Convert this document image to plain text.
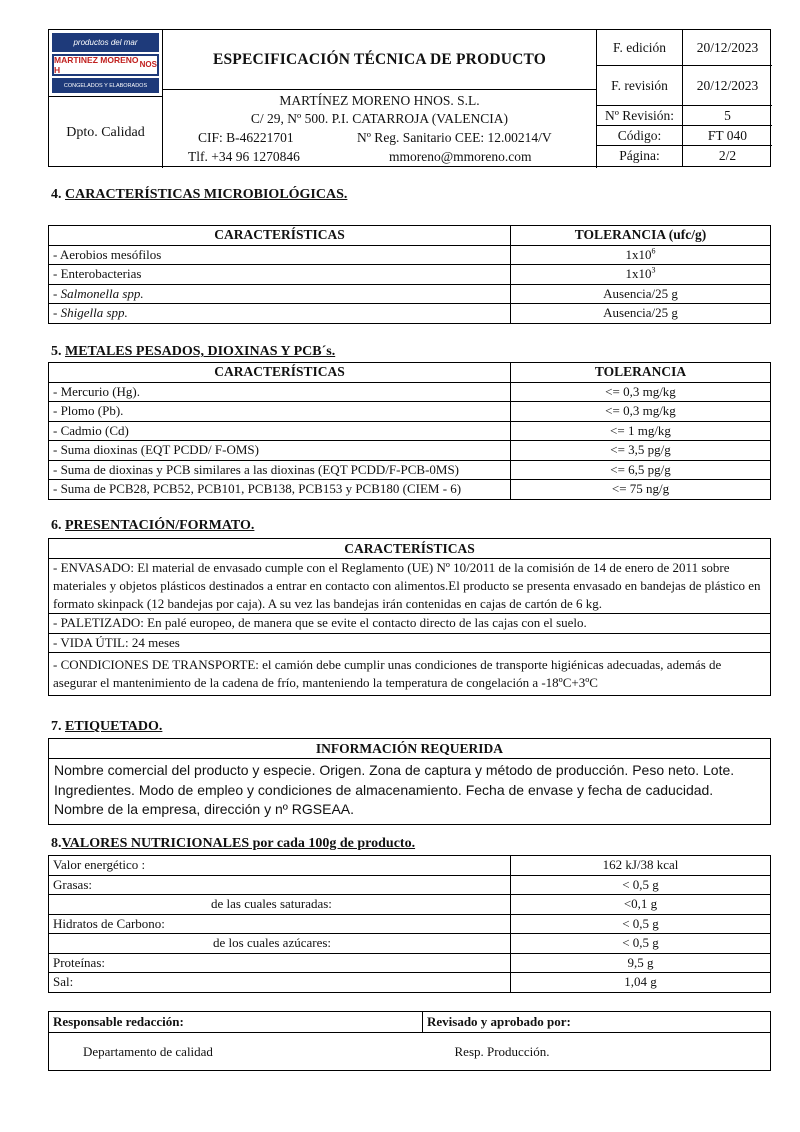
productos del mar
MARTINEZ MORENO H
NOS
CONGELADOS Y ELABORADOS
Dpto. Calidad
ESPECIFICACIÓN TÉCNICA DE PRODUCTO
MARTÍNEZ MORENO HNOS. S.L.
C/ 29, Nº 500. P.I. CATARROJA (VALENCIA)
CIF: B-46221701	Nº Reg. Sanitario CEE: 12.00214/V
Tlf. +34 96 1270846	mmoreno@mmoreno.com
F. edición	20/12/2023
F. revisión	20/12/2023
Nº Revisión:	5
Código:	FT 040
Página:	2/2
4. CARACTERÍSTICAS MICROBIOLÓGICAS.
CARACTERÍSTICAS	TOLERANCIA (ufc/g)
- Aerobios mesófilos	$1x10^6$
- Enterobacterias	$1x10^3$
- Salmonella spp.	Ausencia/25 g
- Shigella spp.	Ausencia/25 g
5. METALES PESADOS, DIOXINAS Y PCB´s.
CARACTERÍSTICAS	TOLERANCIA
- Mercurio (Hg).	<= 0,3 mg/kg
- Plomo (Pb).	<= 0,3 mg/kg
- Cadmio (Cd)	<= 1 mg/kg
- Suma dioxinas (EQT PCDD/ F-OMS)	<= 3,5 pg/g
- Suma de dioxinas y PCB similares a las dioxinas (EQT PCDD/F-PCB-0MS)	<= 6,5 pg/g
- Suma de PCB28, PCB52, PCB101, PCB138, PCB153 y PCB180 (CIEM - 6)	<= 75 ng/g
6. PRESENTACIÓN/FORMATO.
CARACTERÍSTICAS
- ENVASADO: El material de envasado cumple con el Reglamento (UE) Nº 10/2011 de la comisión de 14 de enero de 2011 sobre materiales y objetos plásticos destinados a entrar en contacto con alimentos.El producto se presenta envasado en bandejas de plástico en formato skinpack (12 bandejas por caja). A su vez las bandejas irán contenidas en cajas de cartón de 6 kg.
- PALETIZADO: En palé europeo, de manera que se evite el contacto directo de las cajas con el suelo.
- VIDA ÚTIL: 24 meses
- CONDICIONES DE TRANSPORTE: el camión debe cumplir unas condiciones de transporte higiénicas adecuadas, además de asegurar el mantenimiento de la cadena de frío, manteniendo la temperatura de congelación a -18ºC+3ºC
7. ETIQUETADO.
INFORMACIÓN REQUERIDA
Nombre comercial del producto y especie. Origen. Zona de captura y método de producción. Peso neto. Lote. Ingredientes. Modo de empleo y condiciones de almacenamiento. Fecha de envase y fecha de caducidad. Nombre de la empresa, dirección y nº RGSEAA.
8.VALORES NUTRICIONALES por cada 100g de producto.
Valor energético :	162 kJ/38 kcal
Grasas:	< 0,5 g
de las cuales saturadas:	<0,1 g
Hidratos de Carbono:	< 0,5 g
de los cuales azúcares:	< 0,5 g
Proteínas:	9,5 g
Sal:	1,04 g
Responsable redacción:	Revisado y aprobado por:
Departamento de calidad	Resp. Producción.
